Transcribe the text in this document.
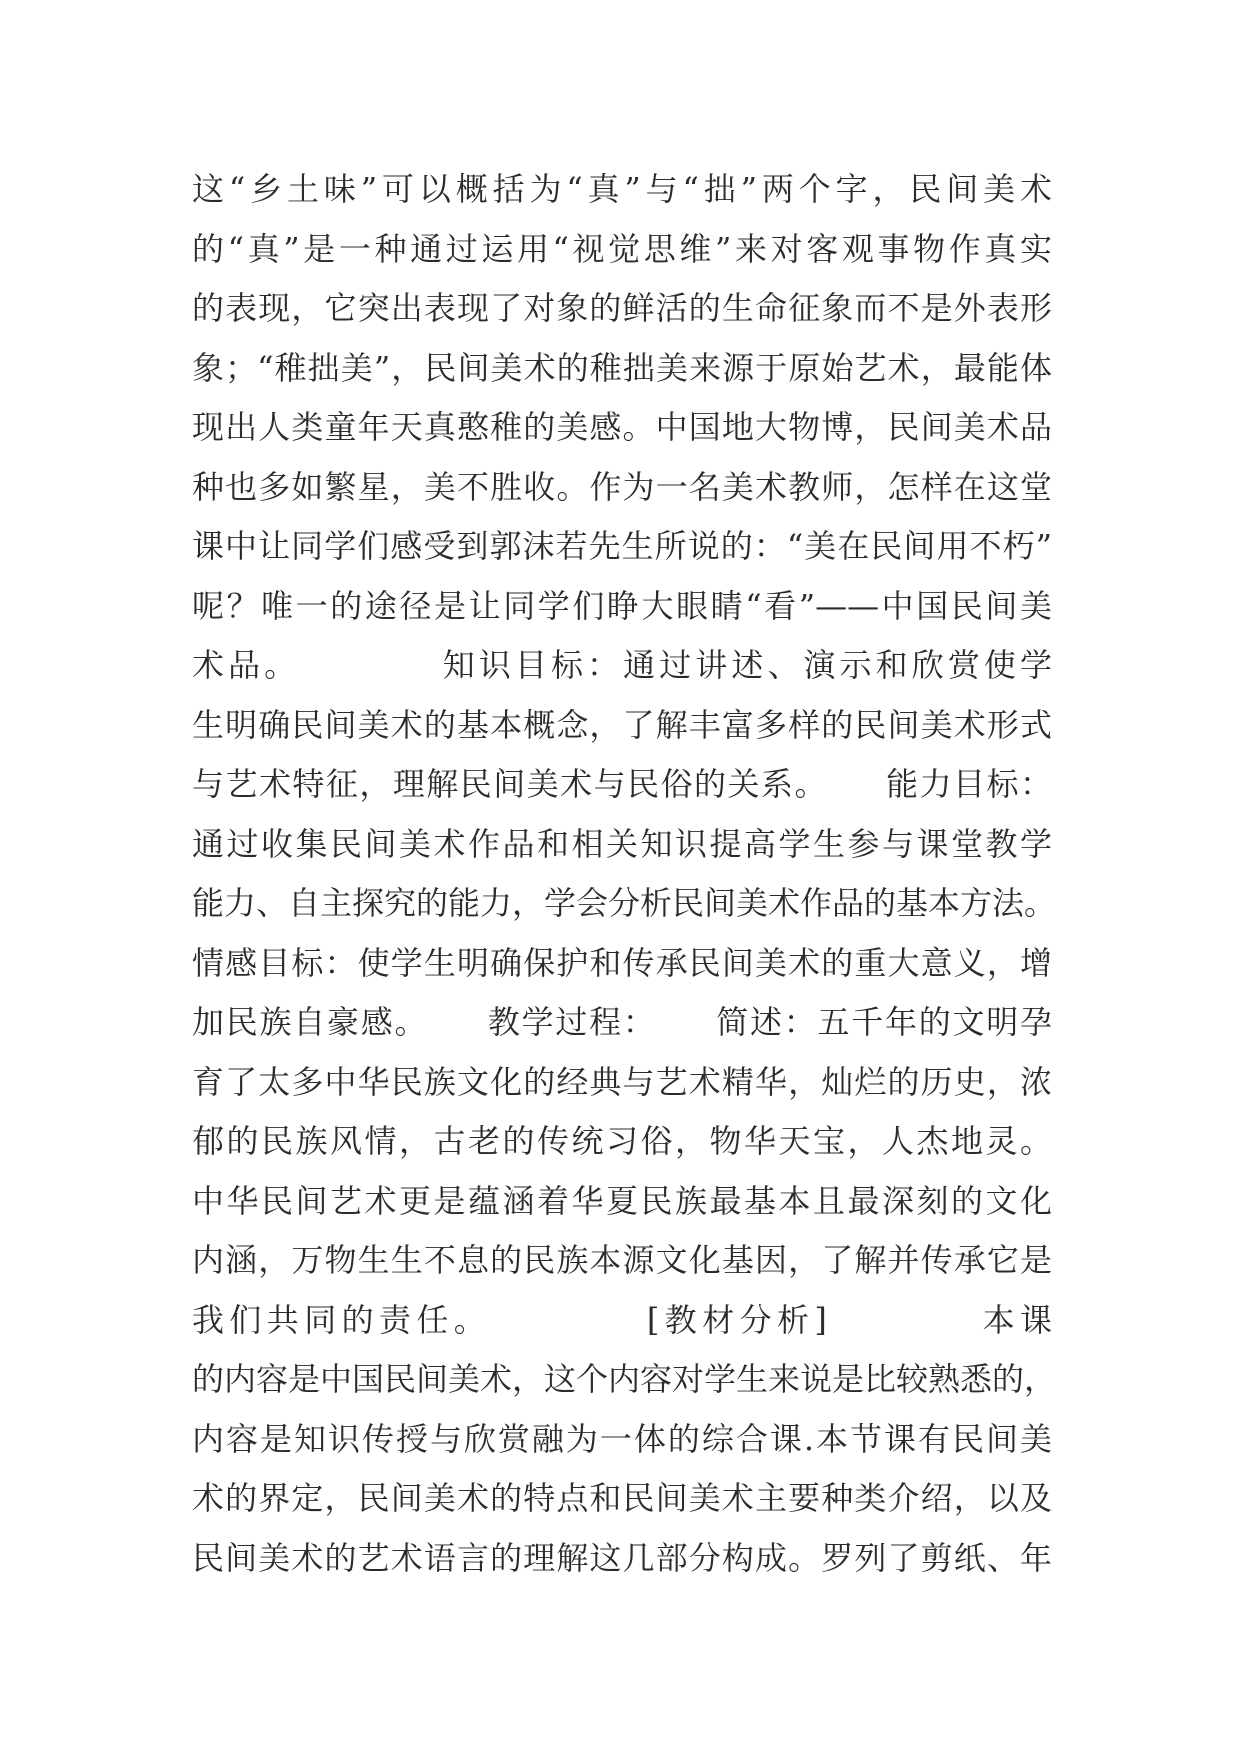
这“乡土味”可以概括为“真”与“拙”两个字，民间美术
的“真”是一种通过运用“视觉思维”来对客观事物作真实
的表现，它突出表现了对象的鲜活的生命征象而不是外表形
象；“稚拙美”，民间美术的稚拙美来源于原始艺术，最能体
现出人类童年天真憨稚的美感。中国地大物博，民间美术品
种也多如繁星，美不胜收。作为一名美术教师，怎样在这堂
课中让同学们感受到郭沫若先生所说的：“美在民间用不朽”
呢？唯一的途径是让同学们睁大眼睛“看”——中国民间美
术品。          知识目标：通过讲述、演示和欣赏使学
生明确民间美术的基本概念，了解丰富多样的民间美术形式
与艺术特征，理解民间美术与民俗的关系。     能力目标：
通过收集民间美术作品和相关知识提高学生参与课堂教学
能力、自主探究的能力，学会分析民间美术作品的基本方法。
情感目标：使学生明确保护和传承民间美术的重大意义，增
加民族自豪感。     教学过程：     简述：五千年的文明孕
育了太多中华民族文化的经典与艺术精华，灿烂的历史，浓
郁的民族风情，古老的传统习俗，物华天宝，人杰地灵。
中华民间艺术更是蕴涵着华夏民族最基本且最深刻的文化
内涵，万物生生不息的民族本源文化基因，了解并传承它是
我们共同的责任。          [教材分析]          本课
的内容是中国民间美术，这个内容对学生来说是比较熟悉的，
内容是知识传授与欣赏融为一体的综合课.本节课有民间美
术的界定，民间美术的特点和民间美术主要种类介绍，以及
民间美术的艺术语言的理解这几部分构成。罗列了剪纸、年
